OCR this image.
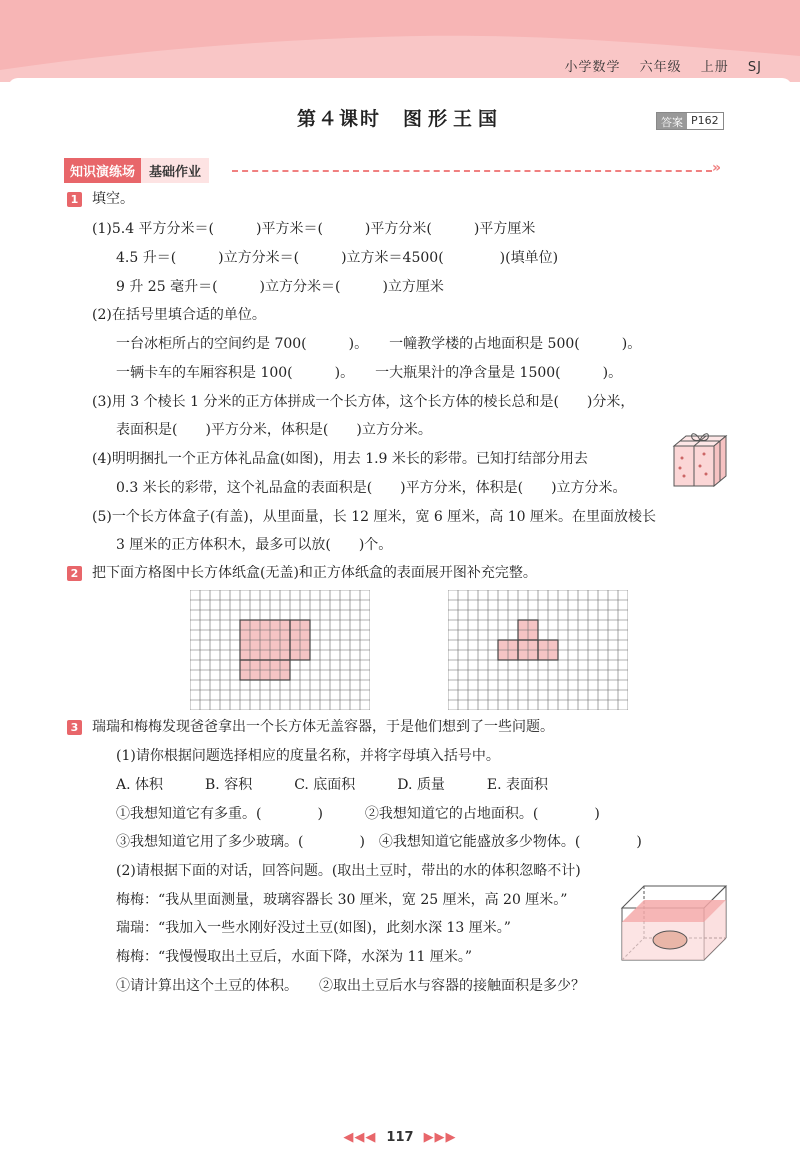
小学数学 六年级 上册 SJ
第４课时 图形王国	答案 P162
知识演练场	基础作业	»
1 填空。
(1)5.4 平方分米＝(　　　)平方米＝(　　　)平方分米(　　　)平方厘米
4.5 升＝(　　　)立方分米＝(　　　)立方米＝4500(　　　　)(填单位)
9 升 25 毫升＝(　　　)立方分米＝(　　　)立方厘米
(2)在括号里填合适的单位。
一台冰柜所占的空间约是 700(　　　)。　　一幢教学楼的占地面积是 500(　　　)。
一辆卡车的车厢容积是 100(　　　)。　　一大瓶果汁的净含量是 1500(　　　)。
(3)用 3 个棱长 1 分米的正方体拼成一个长方体，这个长方体的棱长总和是(　　)分米，
表面积是(　　)平方分米，体积是(　　)立方分米。
(4)明明捆扎一个正方体礼品盒(如图)，用去 1.9 米长的彩带。已知打结部分用去
0.3 米长的彩带，这个礼品盒的表面积是(　　)平方分米，体积是(　　)立方分米。
(5)一个长方体盒子(有盖)，从里面量，长 12 厘米，宽 6 厘米，高 10 厘米。在里面放棱长
3 厘米的正方体积木，最多可以放(　　)个。
2 把下面方格图中长方体纸盒(无盖)和正方体纸盒的表面展开图补充完整。
3 瑞瑞和梅梅发现爸爸拿出一个长方体无盖容器，于是他们想到了一些问题。
(1)请你根据问题选择相应的度量名称，并将字母填入括号中。
A. 体积　　　B. 容积　　　C. 底面积　　　D. 质量　　　E. 表面积
①我想知道它有多重。(　　　　)　　　②我想知道它的占地面积。(　　　　)
③我想知道它用了多少玻璃。(　　　　)　④我想知道它能盛放多少物体。(　　　　)
(2)请根据下面的对话，回答问题。(取出土豆时，带出的水的体积忽略不计)
梅梅：“我从里面测量，玻璃容器长 30 厘米，宽 25 厘米，高 20 厘米。”
瑞瑞：“我加入一些水刚好没过土豆(如图)，此刻水深 13 厘米。”
梅梅：“我慢慢取出土豆后，水面下降，水深为 11 厘米。”
①请计算出这个土豆的体积。　　②取出土豆后水与容器的接触面积是多少？
◀◀◀ 117 ▶▶▶
